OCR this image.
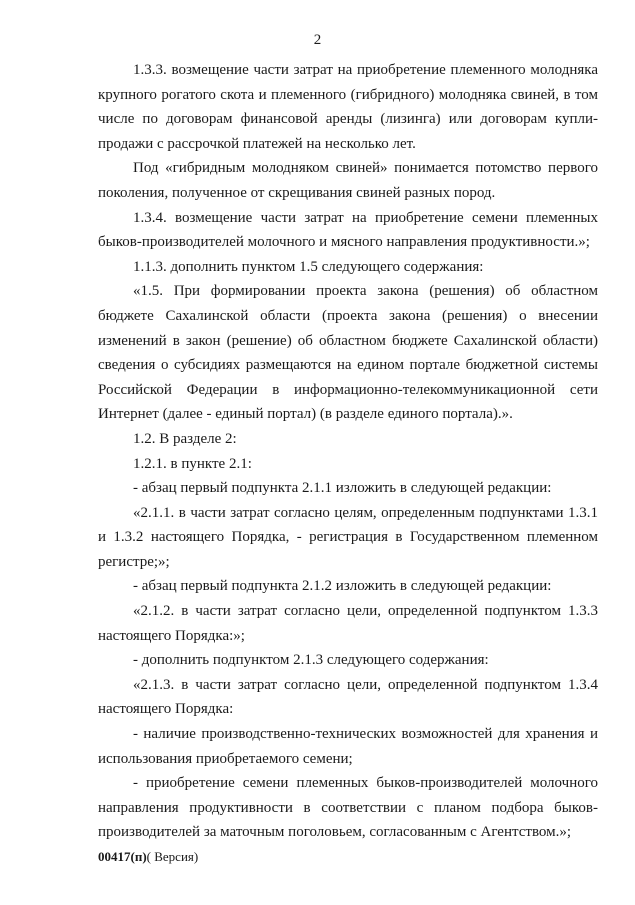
2

1.3.3. возмещение части затрат на приобретение племенного молодняка крупного рогатого скота и племенного (гибридного) молодняка свиней, в том числе по договорам финансовой аренды (лизинга) или договорам купли-продажи с рассрочкой платежей на несколько лет.

Под «гибридным молодняком свиней» понимается потомство первого поколения, полученное от скрещивания свиней разных пород.

1.3.4. возмещение части затрат на приобретение семени племенных быков-производителей молочного и мясного направления продуктивности.»;

1.1.3. дополнить пунктом 1.5 следующего содержания:

«1.5. При формировании проекта закона (решения) об областном бюджете Сахалинской области (проекта закона (решения) о внесении изменений в закон (решение) об областном бюджете Сахалинской области) сведения о субсидиях размещаются на едином портале бюджетной системы Российской Федерации в информационно-телекоммуникационной сети Интернет (далее - единый портал) (в разделе единого портала).».

1.2. В разделе 2:

1.2.1. в пункте 2.1:

- абзац первый подпункта 2.1.1 изложить в следующей редакции:

«2.1.1. в части затрат согласно целям, определенным подпунктами 1.3.1 и 1.3.2 настоящего Порядка, - регистрация в Государственном племенном регистре;»;

- абзац первый подпункта 2.1.2 изложить в следующей редакции:

«2.1.2. в части затрат согласно цели, определенной подпунктом 1.3.3 настоящего Порядка:»;

- дополнить подпунктом 2.1.3 следующего содержания:

«2.1.3. в части затрат согласно цели, определенной подпунктом 1.3.4 настоящего Порядка:

- наличие производственно-технических возможностей для хранения и использования приобретаемого семени;

- приобретение семени племенных быков-производителей молочного направления продуктивности в соответствии с планом подбора быков-производителей за маточным поголовьем, согласованным с Агентством.»;

00417(п)( Версия)
